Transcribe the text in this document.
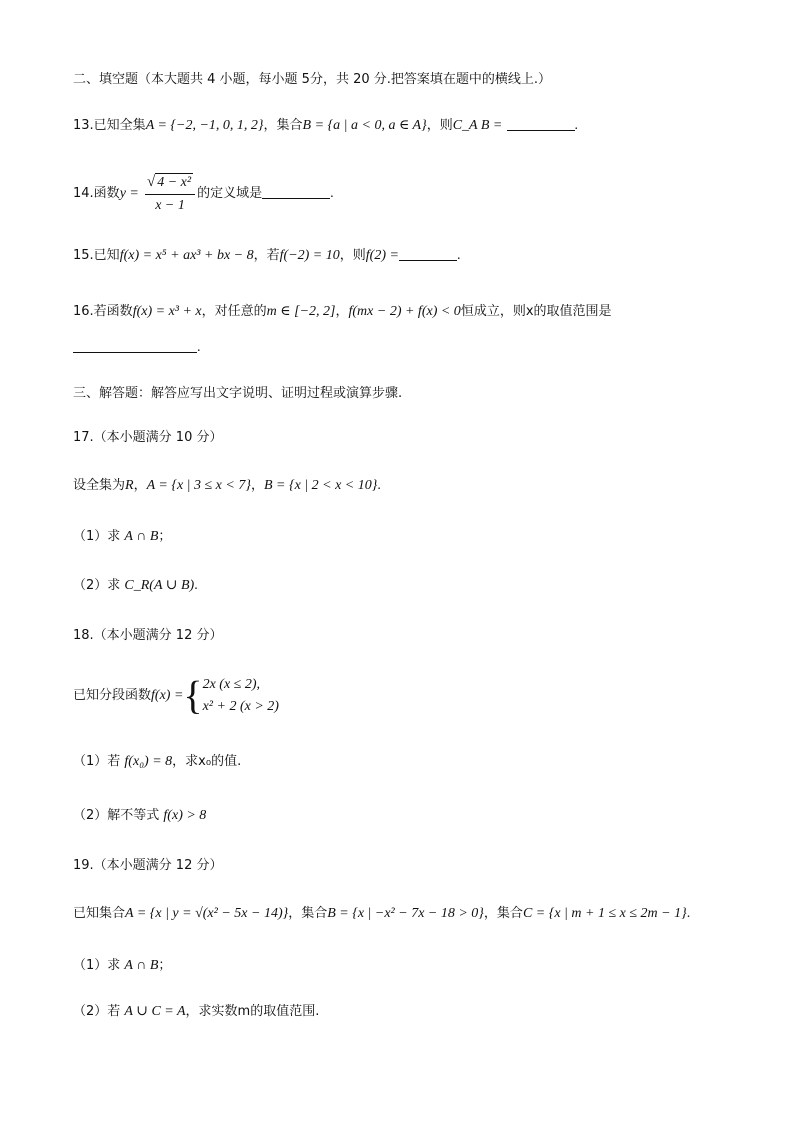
二、填空题（本大题共 4 小题，每小题 5分，共 20 分.把答案填在题中的横线上.）
13.已知全集A = {−2, −1, 0, 1, 2}，集合B = {a | a < 0, a ∈ A}，则C_A B =	.
14.函数$y = \frac{\text{√ 4 − x²}}{x - 1}$ 的定义域是	.
15.已知f(x) = x⁵ + ax³ + bx − 8，若f(−2) = 10，则f(2) =	.
16.若函数f(x) = x³ + x，对任意的m ∈ [−2, 2]，f(mx − 2) + f(x) < 0恒成立，则x的取值范围是
.
三、解答题：解答应写出文字说明、证明过程或演算步骤.
17.（本小题满分 10 分）
设全集为R，A = {x | 3 ≤ x < 7}，B = {x | 2 < x < 10}.
（1）求 A ∩ B；
（2）求 C_R(A ∪ B).
18.（本小题满分 12 分）
已知分段函数f(x) ={ 2x (x ≤ 2),
x² + 2 (x > 2)
（1）若 f(x₀) = 8，求x₀的值.
（2）解不等式 f(x) > 8
19.（本小题满分 12 分）
已知集合A = {x | y = √(x² − 5x − 14)}，集合B = {x | −x² − 7x − 18 > 0}，集合C = {x | m + 1 ≤ x ≤ 2m − 1}.
（1）求 A ∩ B；
（2）若 A ∪ C = A，求实数m的取值范围.
